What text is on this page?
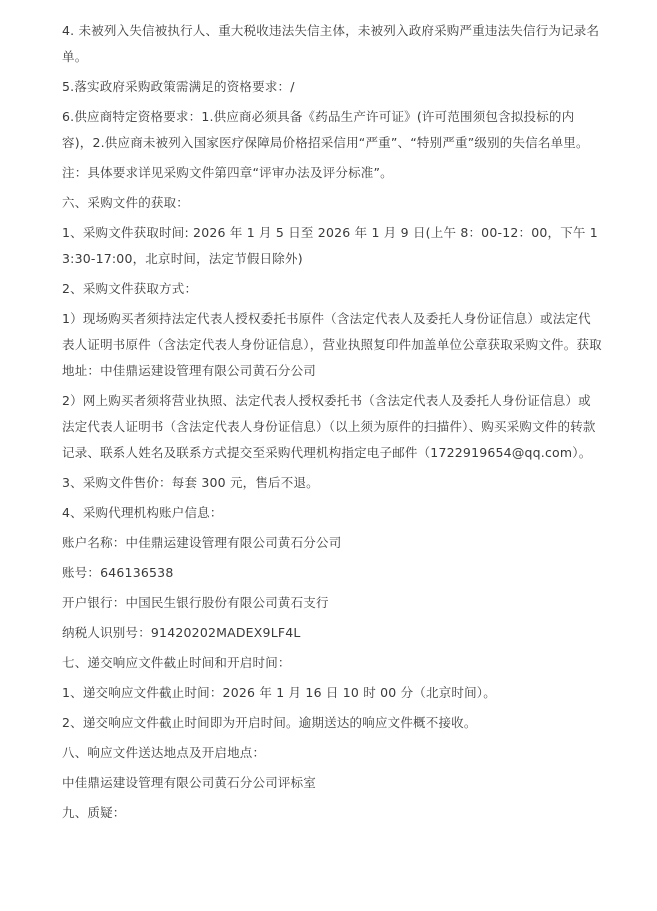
4. 未被列入失信被执行人、重大税收违法失信主体，未被列入政府采购严重违法失信行为记录名单。

5.落实政府采购政策需满足的资格要求：/

6.供应商特定资格要求：1.供应商必须具备《药品生产许可证》(许可范围须包含拟投标的内容)，2.供应商未被列入国家医疗保障局价格招采信用“严重”、“特别严重”级别的失信名单里。

注：具体要求详见采购文件第四章“评审办法及评分标准”。

六、采购文件的获取：

1、采购文件获取时间: 2026 年 1 月 5 日至 2026 年 1 月 9 日(上午 8：00-12：00，下午 13:30-17:00，北京时间，法定节假日除外)

2、采购文件获取方式：

1）现场购买者须持法定代表人授权委托书原件（含法定代表人及委托人身份证信息）或法定代表人证明书原件（含法定代表人身份证信息），营业执照复印件加盖单位公章获取采购文件。获取地址：中佳鼎运建设管理有限公司黄石分公司

2）网上购买者须将营业执照、法定代表人授权委托书（含法定代表人及委托人身份证信息）或法定代表人证明书（含法定代表人身份证信息）（以上须为原件的扫描件）、购买采购文件的转款记录、联系人姓名及联系方式提交至采购代理机构指定电子邮件（1722919654@qq.com）。

3、采购文件售价：每套 300 元，售后不退。

4、采购代理机构账户信息：

账户名称：中佳鼎运建设管理有限公司黄石分公司

账号：646136538

开户银行：中国民生银行股份有限公司黄石支行

纳税人识别号：91420202MADEX9LF4L

七、递交响应文件截止时间和开启时间：

1、递交响应文件截止时间：2026 年 1 月 16 日 10 时 00 分（北京时间）。

2、递交响应文件截止时间即为开启时间。逾期送达的响应文件概不接收。

八、响应文件送达地点及开启地点：

中佳鼎运建设管理有限公司黄石分公司评标室

九、质疑：
